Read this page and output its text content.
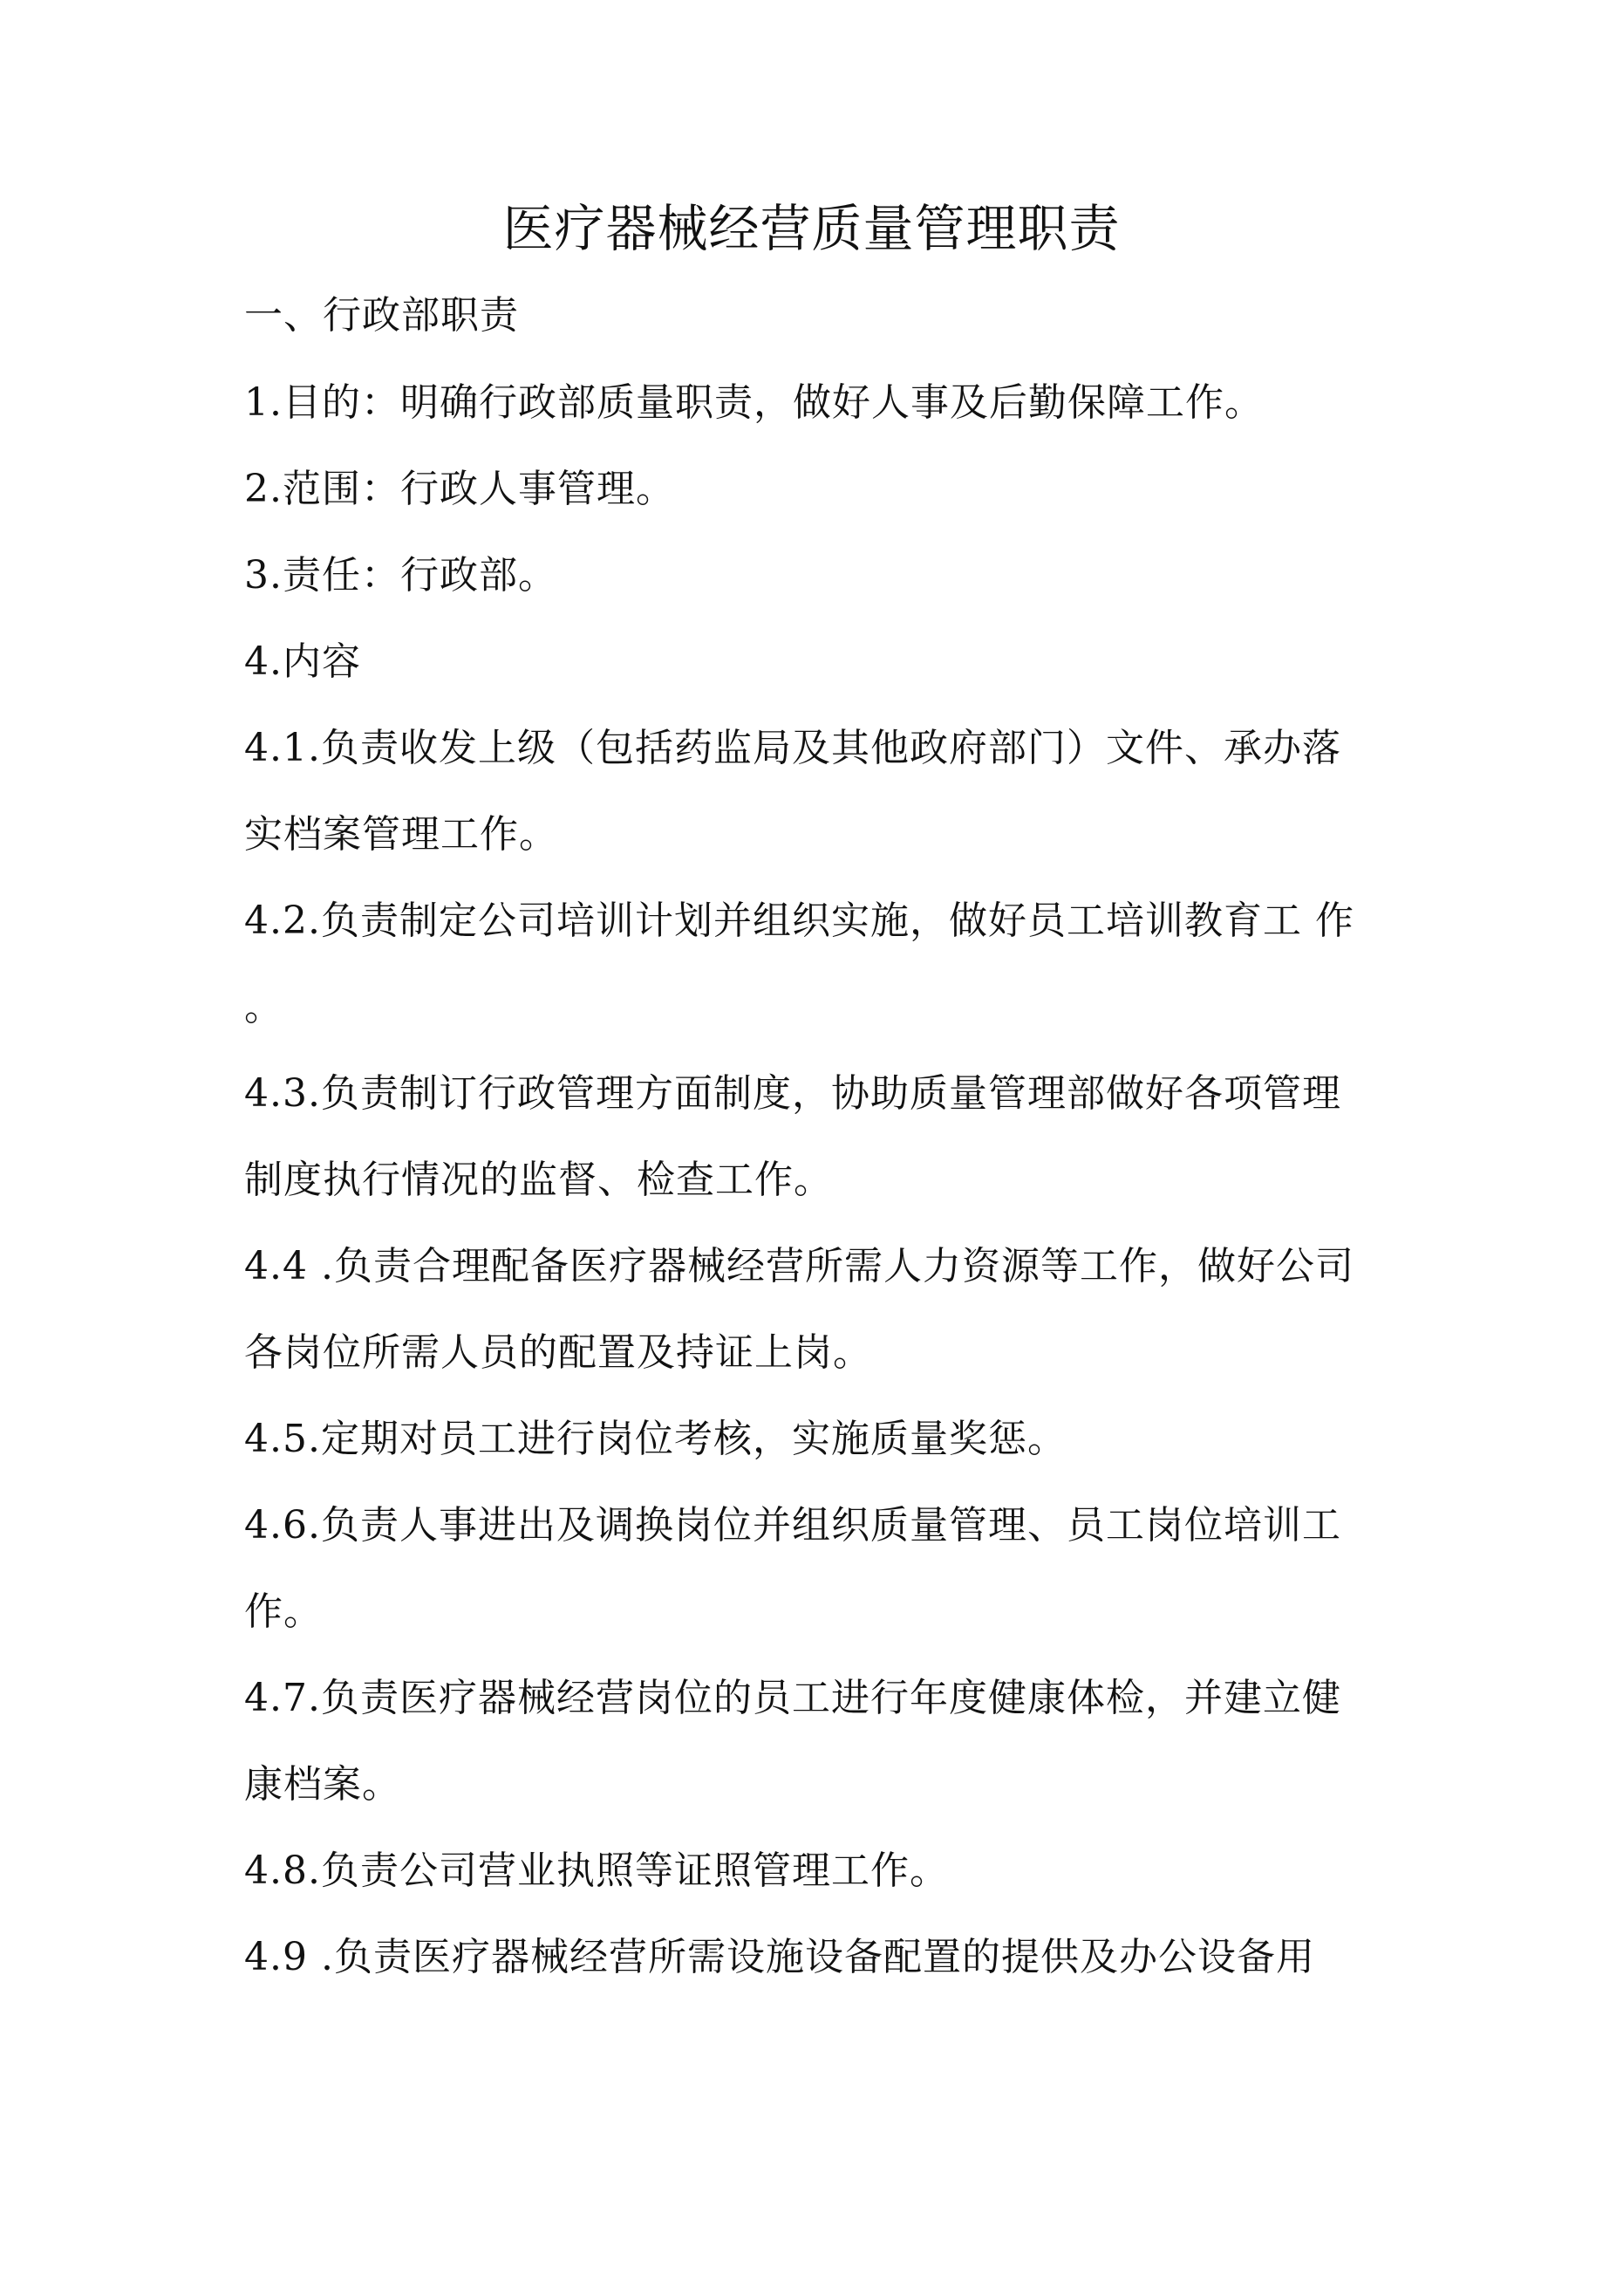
医疗器械经营质量管理职责
一、行政部职责
1.目的：明确行政部质量职责，做好人事及后勤保障工作。
2.范围：行政人事管理。
3.责任：行政部。
4.内容
4.1.负责收发上级（包括药监局及其他政府部门）文件、承办落
实档案管理工作。
4.2.负责制定公司培训计划并组织实施，做好员工培训教育工 作
。
4.3.负责制订行政管理方面制度，协助质量管理部做好各项管理
制度执行情况的监督、检查工作。
4.4 .负责合理配备医疗器械经营所需人力资源等工作，做好公司
各岗位所需人员的配置及持证上岗。
4.5.定期对员工进行岗位考核，实施质量奖惩。
4.6.负责人事进出及调换岗位并组织质量管理、员工岗位培训工
作。
4.7.负责医疗器械经营岗位的员工进行年度健康体检，并建立健
康档案。
4.8.负责公司营业执照等证照管理工作。
4.9 .负责医疗器械经营所需设施设备配置的提供及办公设备用
